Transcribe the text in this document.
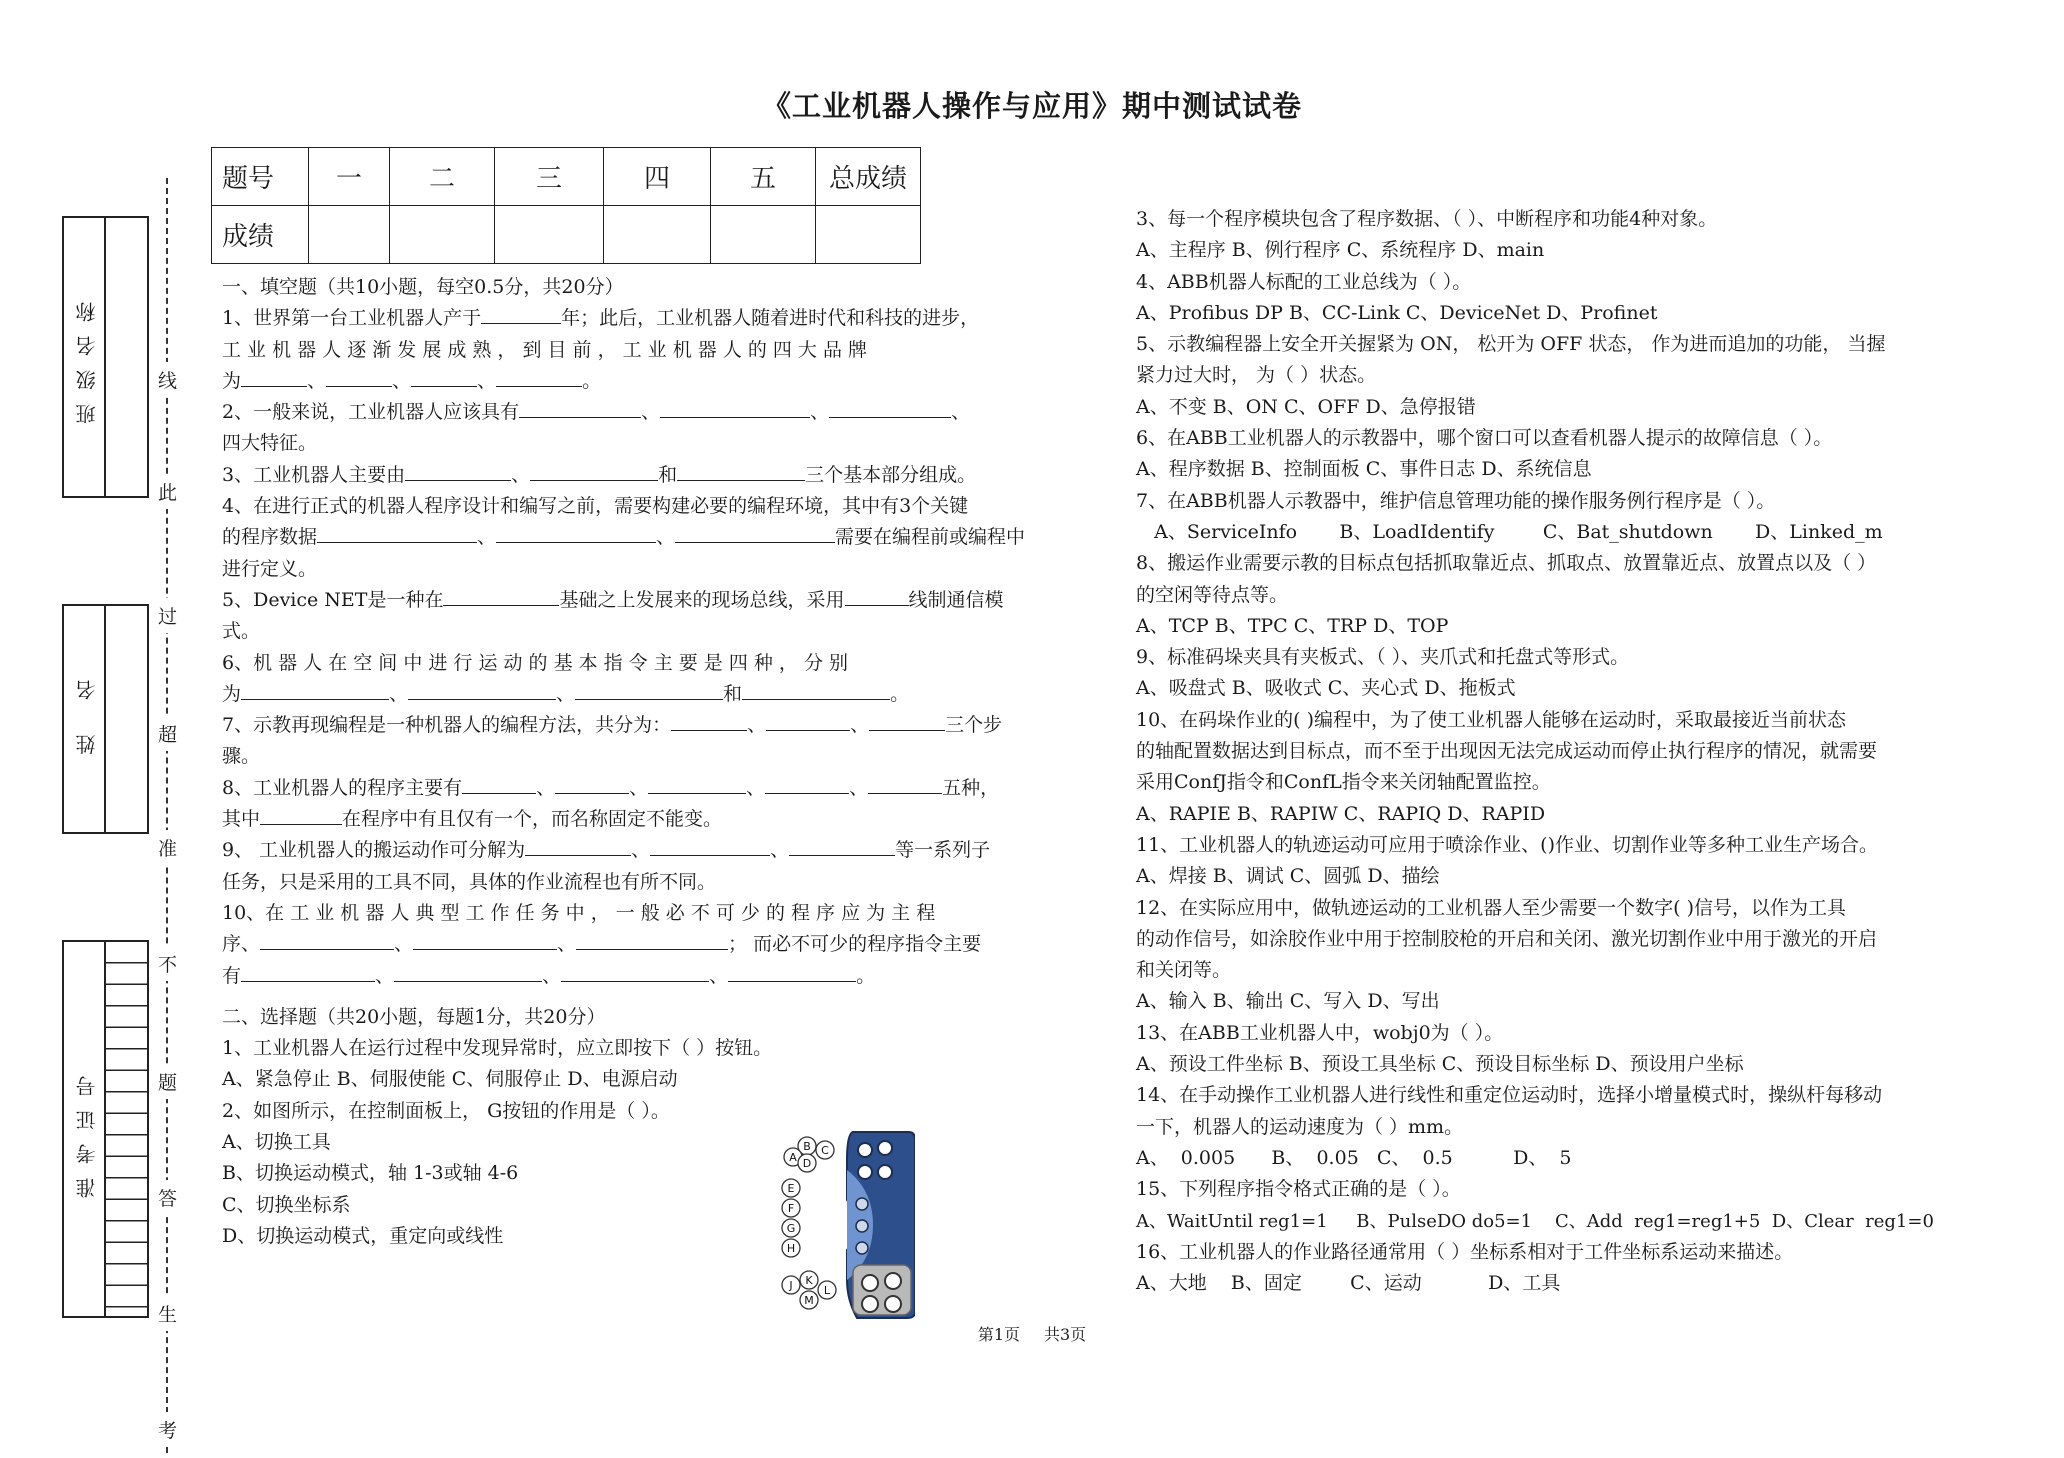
《工业机器人操作与应用》期中测试试卷
班级名称
姓 名
准考证号
线
此
过
超
准
不
题
答
生
考
题号	一	二	三	四	五	总成绩
成绩						

一、填空题（共10小题，每空0.5分，共20分）

1、世界第一台工业机器人产于	年；此后，工业机器人随着进时代和科技的进步，

工 业 机 器 人 逐 渐 发 展 成 熟 ， 到 目 前 ， 工 业 机 器 人 的 四 大 品 牌

为	、	、	、	。

2、一般来说，工业机器人应该具有	、	、	、

四大特征。

3、工业机器人主要由	、	和	三个基本部分组成。

4、在进行正式的机器人程序设计和编写之前，需要构建必要的编程环境，其中有3个关键

的程序数据	、	、	需要在编程前或编程中

进行定义。

5、Device NET是一种在	基础之上发展来的现场总线，采用	线制通信模

式。

6、机 器 人 在 空 间 中 进 行 运 动 的 基 本 指 令 主 要 是 四 种 ， 分 别

为	、	、	和	。

7、示教再现编程是一种机器人的编程方法，共分为：	、	、	三个步

骤。

8、工业机器人的程序主要有	、	、	、	、	五种，

其中	在程序中有且仅有一个，而名称固定不能变。

9、 工业机器人的搬运动作可分解为	、	、	等一系列子

任务，只是采用的工具不同，具体的作业流程也有所不同。

10、在 工 业 机 器 人 典 型 工 作 任 务 中 ， 一 般 必 不 可 少 的 程 序 应 为 主 程

序、	、	、	； 而必不可少的程序指令主要

有	、	、	、	。

二、选择题（共20小题，每题1分，共20分）

1、工业机器人在运行过程中发现异常时，应立即按下（ ）按钮。

A、紧急停止 B、伺服使能 C、伺服停止 D、电源启动

2、如图所示，在控制面板上， G按钮的作用是（ ）。

A、切换工具

B、切换运动模式，轴 1-3或轴 4-6

C、切换坐标系

D、切换运动模式，重定向或线性

B
A
C
D
E
F
G
H
J K
L
M

3、每一个程序模块包含了程序数据、（ ）、中断程序和功能4种对象。

A、主程序 B、例行程序 C、系统程序 D、main

4、ABB机器人标配的工业总线为（ ）。

A、Profibus DP B、CC-Link C、DeviceNet D、Profinet

5、示教编程器上安全开关握紧为 ON， 松开为 OFF 状态， 作为进而追加的功能， 当握

紧力过大时， 为（ ）状态。

A、不变 B、ON C、OFF D、急停报错

6、在ABB工业机器人的示教器中，哪个窗口可以查看机器人提示的故障信息（ ）。

A、程序数据 B、控制面板 C、事件日志 D、系统信息

7、在ABB机器人示教器中，维护信息管理功能的操作服务例行程序是（ ）。

A、ServiceInfo       B、LoadIdentify        C、Bat_shutdown       D、Linked_m

8、搬运作业需要示教的目标点包括抓取靠近点、抓取点、放置靠近点、放置点以及（ ）

的空闲等待点等。

A、TCP B、TPC C、TRP D、TOP

9、标准码垛夹具有夹板式、（ ）、夹爪式和托盘式等形式。

A、吸盘式 B、吸收式 C、夹心式 D、拖板式

10、在码垛作业的( )编程中，为了使工业机器人能够在运动时，采取最接近当前状态

的轴配置数据达到目标点，而不至于出现因无法完成运动而停止执行程序的情况，就需要

采用ConfJ指令和ConfL指令来关闭轴配置监控。

A、RAPIE B、RAPIW C、RAPIQ D、RAPID

11、工业机器人的轨迹运动可应用于喷涂作业、()作业、切割作业等多种工业生产场合。

A、焊接 B、调试 C、圆弧 D、描绘

12、在实际应用中，做轨迹运动的工业机器人至少需要一个数字( )信号，以作为工具

的动作信号，如涂胶作业中用于控制胶枪的开启和关闭、激光切割作业中用于激光的开启

和关闭等。

A、输入 B、输出 C、写入 D、写出

13、在ABB工业机器人中，wobj0为（ ）。

A、预设工件坐标 B、预设工具坐标 C、预设目标坐标 D、预设用户坐标

14、在手动操作工业机器人进行线性和重定位运动时，选择小增量模式时，操纵杆每移动

一下，机器人的运动速度为（ ）mm。

A、  0.005      B、  0.05   C、  0.5          D、  5

15、下列程序指令格式正确的是（ ）。

A、WaitUntil reg1=1     B、PulseDO do5=1    C、Add  reg1=reg1+5  D、Clear  reg1=0

16、工业机器人的作业路径通常用（ ）坐标系相对于工件坐标系运动来描述。

A、大地    B、固定        C、运动           D、工具

第1页 共3页
